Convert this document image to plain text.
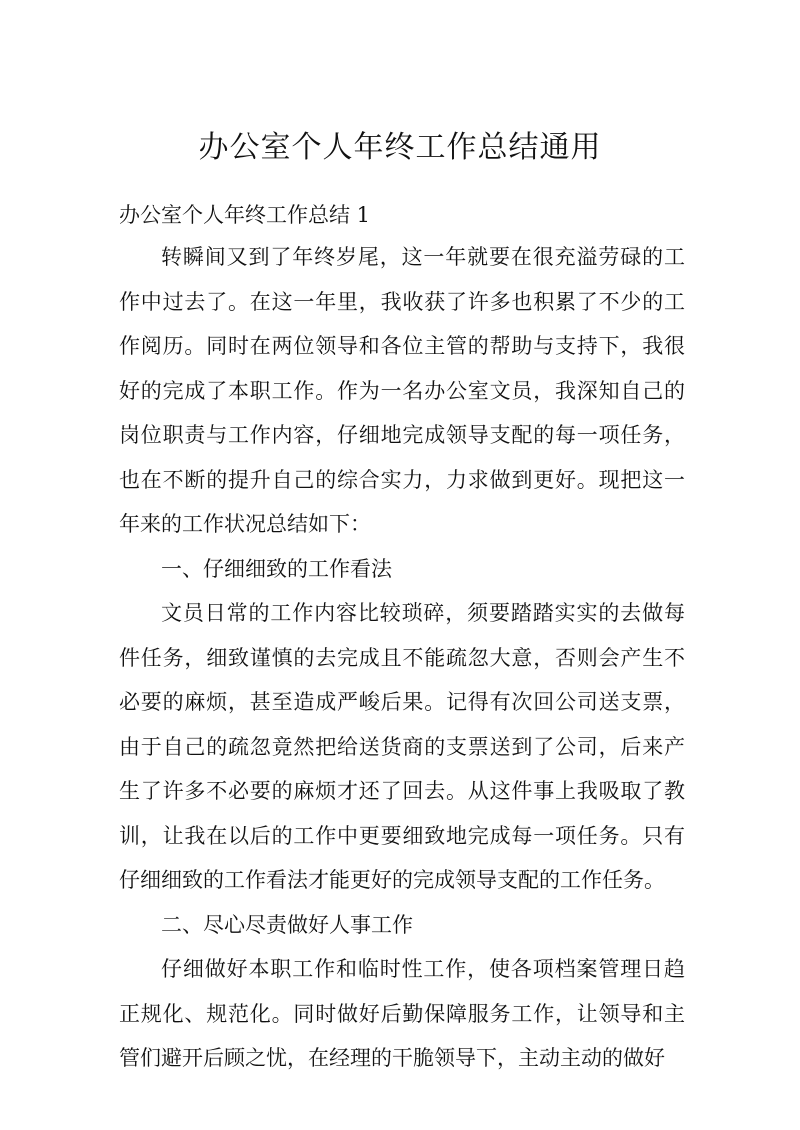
办公室个人年终工作总结通用

办公室个人年终工作总结 1

转瞬间又到了年终岁尾，这一年就要在很充溢劳碌的工作中过去了。在这一年里，我收获了许多也积累了不少的工作阅历。同时在两位领导和各位主管的帮助与支持下，我很好的完成了本职工作。作为一名办公室文员，我深知自己的岗位职责与工作内容，仔细地完成领导支配的每一项任务，也在不断的提升自己的综合实力，力求做到更好。现把这一年来的工作状况总结如下：

一、仔细细致的工作看法

文员日常的工作内容比较琐碎，须要踏踏实实的去做每件任务，细致谨慎的去完成且不能疏忽大意，否则会产生不必要的麻烦，甚至造成严峻后果。记得有次回公司送支票，由于自己的疏忽竟然把给送货商的支票送到了公司，后来产生了许多不必要的麻烦才还了回去。从这件事上我吸取了教训，让我在以后的工作中更要细致地完成每一项任务。只有仔细细致的工作看法才能更好的完成领导支配的工作任务。

二、尽心尽责做好人事工作

仔细做好本职工作和临时性工作，使各项档案管理日趋正规化、规范化。同时做好后勤保障服务工作，让领导和主管们避开后顾之忧，在经理的干脆领导下，主动主动的做好
